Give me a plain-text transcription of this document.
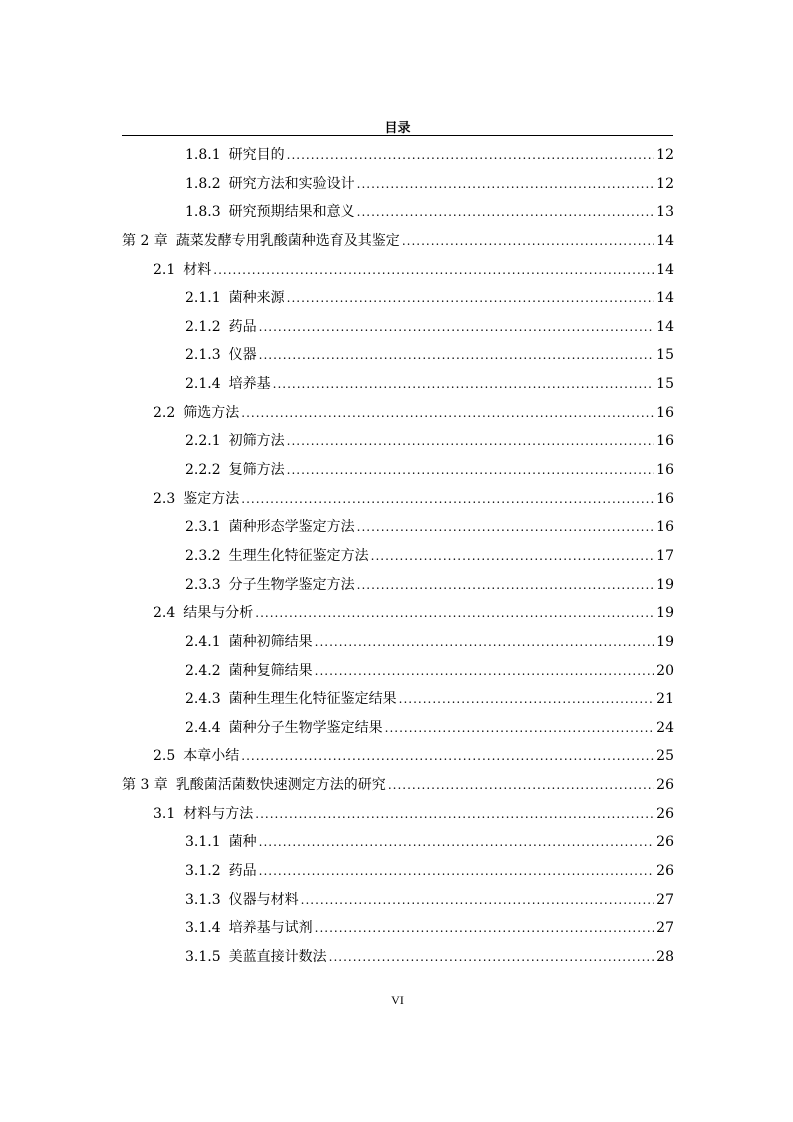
目录
1.8.1 研究目的 .....	12
1.8.2 研究方法和实验设计 .....	12
1.8.3 研究预期结果和意义 .....	13
第 2 章 蔬菜发酵专用乳酸菌种选育及其鉴定 .....	14
2.1 材料 .....	14
2.1.1 菌种来源 .....	14
2.1.2 药品 .....	14
2.1.3 仪器 .....	15
2.1.4 培养基 .....	15
2.2 筛选方法 .....	16
2.2.1 初筛方法 .....	16
2.2.2 复筛方法 .....	16
2.3 鉴定方法 .....	16
2.3.1 菌种形态学鉴定方法 .....	16
2.3.2 生理生化特征鉴定方法 .....	17
2.3.3 分子生物学鉴定方法 .....	19
2.4 结果与分析 .....	19
2.4.1 菌种初筛结果 .....	19
2.4.2 菌种复筛结果 .....	20
2.4.3 菌种生理生化特征鉴定结果 .....	21
2.4.4 菌种分子生物学鉴定结果 .....	24
2.5 本章小结 .....	25
第 3 章 乳酸菌活菌数快速测定方法的研究 .....	26
3.1 材料与方法 .....	26
3.1.1 菌种 .....	26
3.1.2 药品 .....	26
3.1.3 仪器与材料 .....	27
3.1.4 培养基与试剂 .....	27
3.1.5 美蓝直接计数法 .....	28
VI
